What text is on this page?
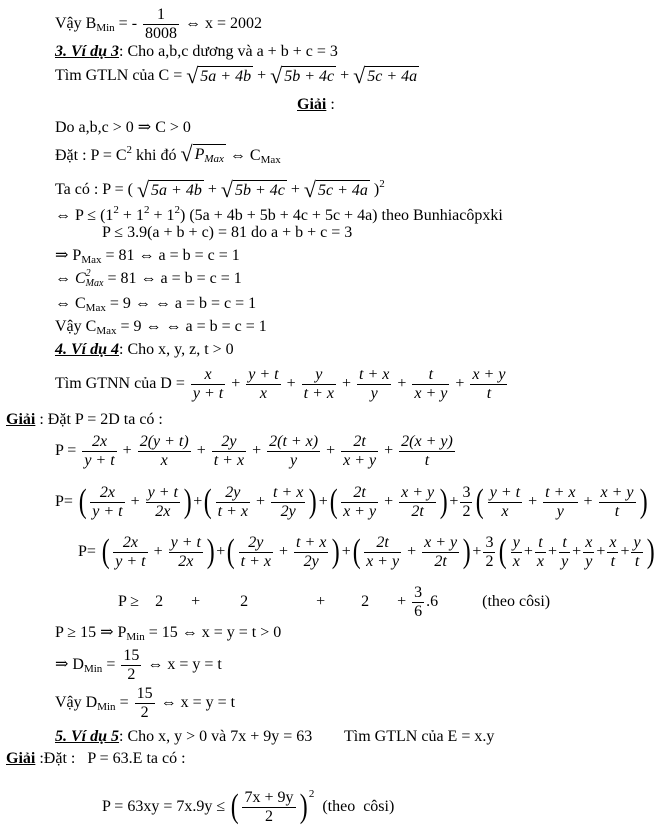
Vậy $B_{Min}$ = - $\frac{1}{8008}$ ⇔ x = 2002
3. Ví dụ 3: Cho a,b,c dương và a + b + c = 3
Tìm GTLN của C = √ 5a + 4b + √ 5b + 4c + √ 5c + 4a
Giải :
Do a,b,c > 0 ⇒ C > 0
Đặt : $P = C^2$ khi đó √ $P_{Max}$ ⇔ $C_{Max}$
Ta có : P = ( √ 5a + 4b + √ 5b + 4c + √ 5c + 4a )$^2$
⇔ $P \le (1^2 + 1^2 + 1^2) (5a + 4b + 5b + 4c + 5c + 4a)$ theo Bunhiacôpxki
P ≤ 3.9(a + b + c) = 81 do a + b + c = 3
⇒ $P_{Max} = 81$ ⇔ a = b = c = 1
⇔ C 2
Max = 81 ⇔ a = b = c = 1
⇔ $C_{Max} = 9$ ⇔ ⇔ a = b = c = 1
Vậy $C_{Max} = 9$ ⇔ ⇔ a = b = c = 1
4. Ví dụ 4: Cho x, y, z, t > 0
Tìm GTNN của $D = \frac{x}{y + t} + \frac{y + t}{x} + \frac{y}{t + x} + \frac{t + x}{y} + \frac{t}{x + y} + \frac{x + y}{t}$
Giải : Đặt P = 2D ta có :
$P = \frac{2x}{y + t} + \frac{2(y + t)}{x} + \frac{2y}{t + x} + \frac{2(t + x)}{y} + \frac{2t}{x + y} + \frac{2(x + y)}{t}$
P= ( $\frac{2x}{y + t} + \frac{y + t}{2x}$ ) +( $\frac{2y}{t + x} + \frac{t + x}{2y}$ ) +( $\frac{2t}{x + y} + \frac{x + y}{2t}$ ) + $\frac{3}{2}$ ( $\frac{y + t}{x} + \frac{t + x}{y} + \frac{x + y}{t}$ )
P= ( $\frac{2x}{y + t} + \frac{y + t}{2x}$ ) +( $\frac{2y}{t + x} + \frac{t + x}{2y}$ ) +( $\frac{2t}{x + y} + \frac{x + y}{2t}$ ) + $\frac{3}{2}$ ( $\frac{y}{x} + \frac{t}{x} + \frac{t}{y} + \frac{x}{y} + \frac{x}{t} + \frac{y}{t}$ )
P ≥    2       +          2                 +         2       + $\frac{3}{6} .6$           (theo côsi)
P ≥ 15 ⇒ $P_{Min} = 15$ ⇔ x = y = t > 0
⇒ $D_{Min} = \frac{15}{2}$ ⇔ x = y = t
Vậy $D_{Min} = \frac{15}{2}$ ⇔ x = y = t
5. Ví dụ 5: Cho x, y > 0 và 7x + 9y = 63        Tìm GTLN của E = x.y
Giải :Đặt :   P = 63.E ta có :
P = 63xy = 7x.9y ≤ ( $\frac{7x + 9y}{2}$ ) $^2$  (theo  côsi)
